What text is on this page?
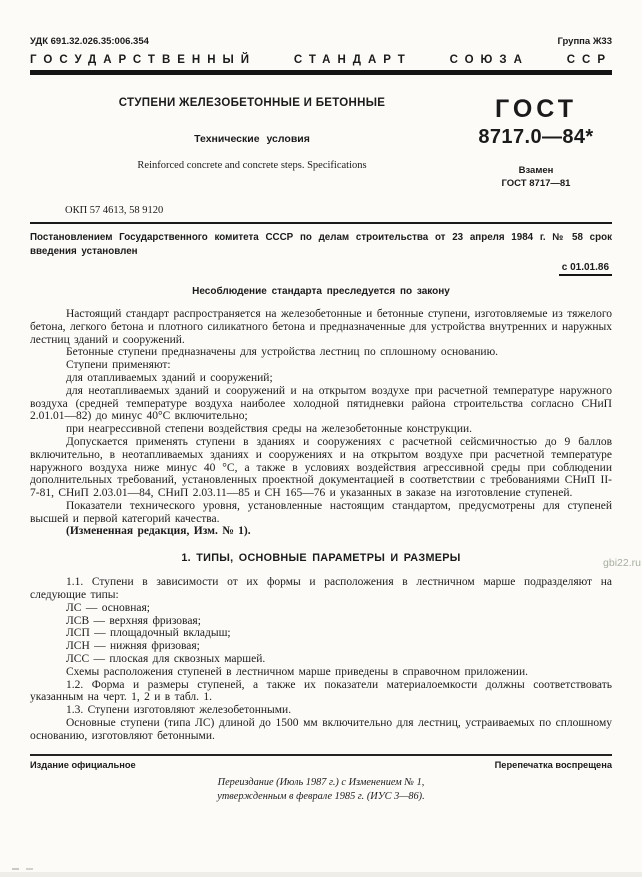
УДК 691.32.026.35:006.354	Группа Ж33
ГОСУДАРСТВЕННЫЙ СТАНДАРТ СОЮЗА ССР
СТУПЕНИ ЖЕЛЕЗОБЕТОННЫЕ И БЕТОННЫЕ
Технические условия
Reinforced concrete and concrete steps. Specifications
ГОСТ
8717.0—84*
Взамен
ГОСТ 8717—81
ОКП 57 4613, 58 9120
Постановлением Государственного комитета СССР по делам строительства от 23 апреля 1984 г. № 58 срок введения установлен
с 01.01.86
Несоблюдение стандарта преследуется по закону

Настоящий стандарт распространяется на железобетонные и бетонные ступени, изготовляемые из тяжелого бетона, легкого бетона и плотного силикатного бетона и предназначенные для устройства внутренних и наружных лестниц зданий и сооружений.

Бетонные ступени предназначены для устройства лестниц по сплошному основанию.

Ступени применяют:

для отапливаемых зданий и сооружений;

для неотапливаемых зданий и сооружений и на открытом воздухе при расчетной температуре наружного воздуха (средней температуре воздуха наиболее холодной пятидневки района строительства согласно СНиП 2.01.01—82) до минус 40°С включительно;

при неагрессивной степени воздействия среды на железобетонные конструкции.

Допускается применять ступени в зданиях и сооружениях с расчетной сейсмичностью до 9 баллов включительно, в неотапливаемых зданиях и сооружениях и на открытом воздухе при расчетной температуре наружного воздуха ниже минус 40 °С, а также в условиях воздействия агрессивной среды при соблюдении дополнительных требований, установленных проектной документацией в соответствии с требованиями СНиП II-7-81, СНиП 2.03.01—84, СНиП 2.03.11—85 и СН 165—76 и указанных в заказе на изготовление ступеней.

Показатели технического уровня, установленные настоящим стандартом, предусмотрены для ступеней высшей и первой категорий качества.

(Измененная редакция, Изм. № 1).

1. ТИПЫ, ОСНОВНЫЕ ПАРАМЕТРЫ И РАЗМЕРЫ

1.1. Ступени в зависимости от их формы и расположения в лестничном марше подразделяют на следующие типы:

ЛС — основная;

ЛСВ — верхняя фризовая;

ЛСП — площадочный вкладыш;

ЛСН — нижняя фризовая;

ЛСС — плоская для сквозных маршей.

Схемы расположения ступеней в лестничном марше приведены в справочном приложении.

1.2. Форма и размеры ступеней, а также их показатели материалоемкости должны соответствовать указанным на черт. 1, 2 и в табл. 1.

1.3. Ступени изготовляют железобетонными.

Основные ступени (типа ЛС) длиной до 1500 мм включительно для лестниц, устраиваемых по сплошному основанию, изготовляют бетонными.

gbi22.ru
Издание официальное	Перепечатка воспрещена
Переиздание (Июль 1987 г.) с Изменением № 1,
утвержденным в феврале 1985 г. (ИУС 3—86).
